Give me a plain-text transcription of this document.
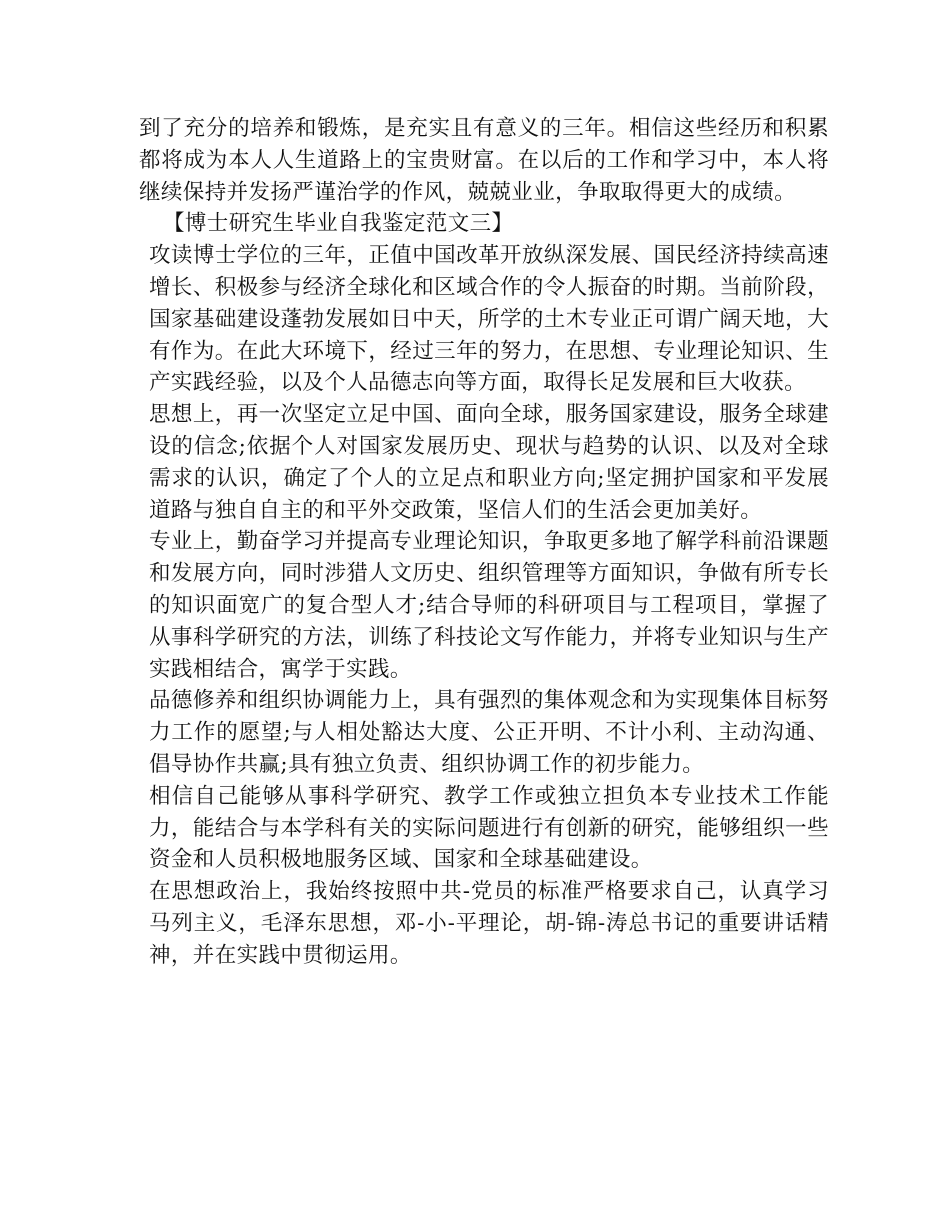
到了充分的培养和锻炼，是充实且有意义的三年。相信这些经历和积累都将成为本人人生道路上的宝贵财富。在以后的工作和学习中，本人将继续保持并发扬严谨治学的作风，兢兢业业，争取取得更大的成绩。

【博士研究生毕业自我鉴定范文三】

攻读博士学位的三年，正值中国改革开放纵深发展、国民经济持续高速增长、积极参与经济全球化和区域合作的令人振奋的时期。当前阶段，国家基础建设蓬勃发展如日中天，所学的土木专业正可谓广阔天地，大有作为。在此大环境下，经过三年的努力，在思想、专业理论知识、生产实践经验，以及个人品德志向等方面，取得长足发展和巨大收获。

思想上，再一次坚定立足中国、面向全球，服务国家建设，服务全球建设的信念;依据个人对国家发展历史、现状与趋势的认识、以及对全球需求的认识，确定了个人的立足点和职业方向;坚定拥护国家和平发展道路与独自自主的和平外交政策，坚信人们的生活会更加美好。

专业上，勤奋学习并提高专业理论知识，争取更多地了解学科前沿课题和发展方向，同时涉猎人文历史、组织管理等方面知识，争做有所专长的知识面宽广的复合型人才;结合导师的科研项目与工程项目，掌握了从事科学研究的方法，训练了科技论文写作能力，并将专业知识与生产实践相结合，寓学于实践。

品德修养和组织协调能力上，具有强烈的集体观念和为实现集体目标努力工作的愿望;与人相处豁达大度、公正开明、不计小利、主动沟通、倡导协作共赢;具有独立负责、组织协调工作的初步能力。

相信自己能够从事科学研究、教学工作或独立担负本专业技术工作能力，能结合与本学科有关的实际问题进行有创新的研究，能够组织一些资金和人员积极地服务区域、国家和全球基础建设。

在思想政治上，我始终按照中共-党员的标准严格要求自己，认真学习马列主义，毛泽东思想，邓-小-平理论，胡-锦-涛总书记的重要讲话精神，并在实践中贯彻运用。
